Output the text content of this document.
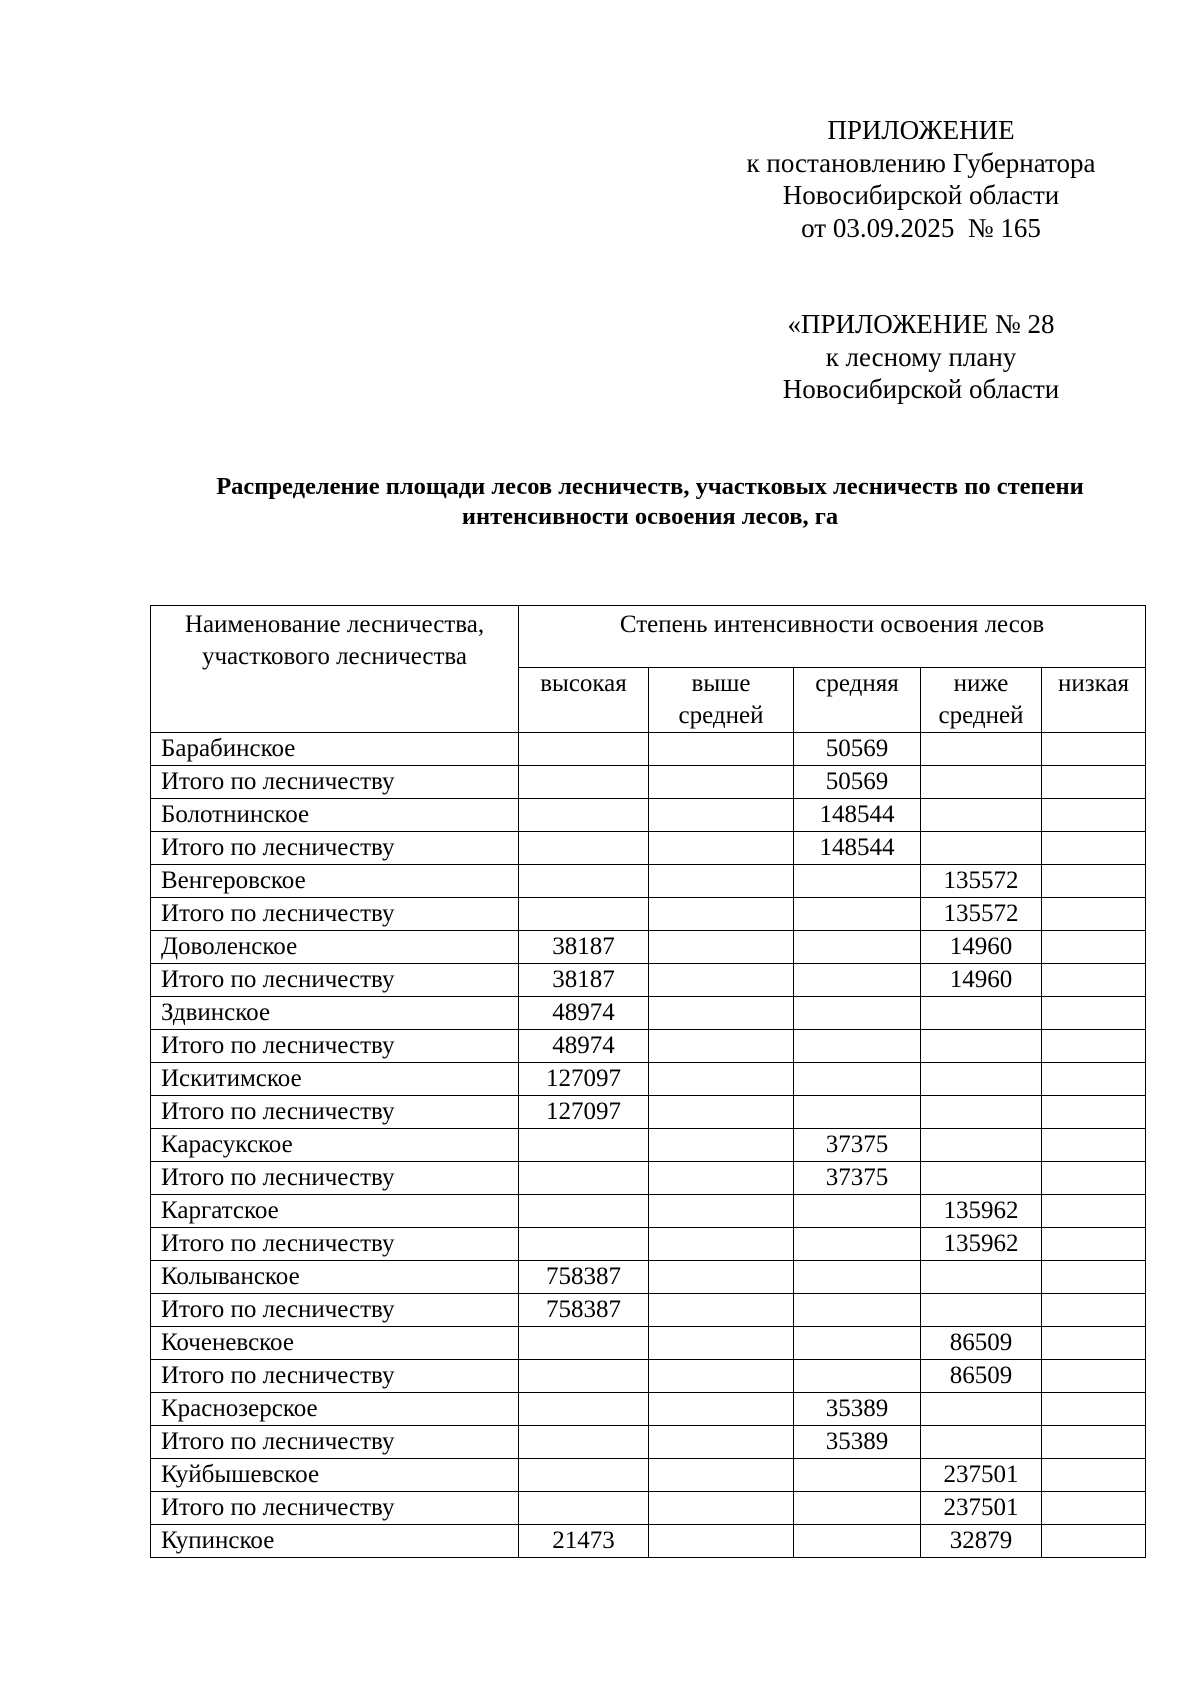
ПРИЛОЖЕНИЕ
к постановлению Губернатора
Новосибирской области
от 03.09.2025  № 165
«ПРИЛОЖЕНИЕ № 28
к лесному плану
Новосибирской области
Распределение площади лесов лесничеств, участковых лесничеств по степени
интенсивности освоения лесов, га
Наименование лесничества, участкового лесничества	Степень интенсивности освоения лесов				
	высокая	выше средней	средняя	ниже средней	низкая
Барабинское			50569		
Итого по лесничеству			50569		
Болотнинское			148544		
Итого по лесничеству			148544		
Венгеровское				135572	
Итого по лесничеству				135572	
Доволенское	38187			14960	
Итого по лесничеству	38187			14960	
Здвинское	48974				
Итого по лесничеству	48974				
Искитимское	127097				
Итого по лесничеству	127097				
Карасукское			37375		
Итого по лесничеству			37375		
Каргатское				135962	
Итого по лесничеству				135962	
Колыванское	758387				
Итого по лесничеству	758387				
Коченевское				86509	
Итого по лесничеству				86509	
Краснозерское			35389		
Итого по лесничеству			35389		
Куйбышевское				237501	
Итого по лесничеству				237501	
Купинское	21473			32879	
